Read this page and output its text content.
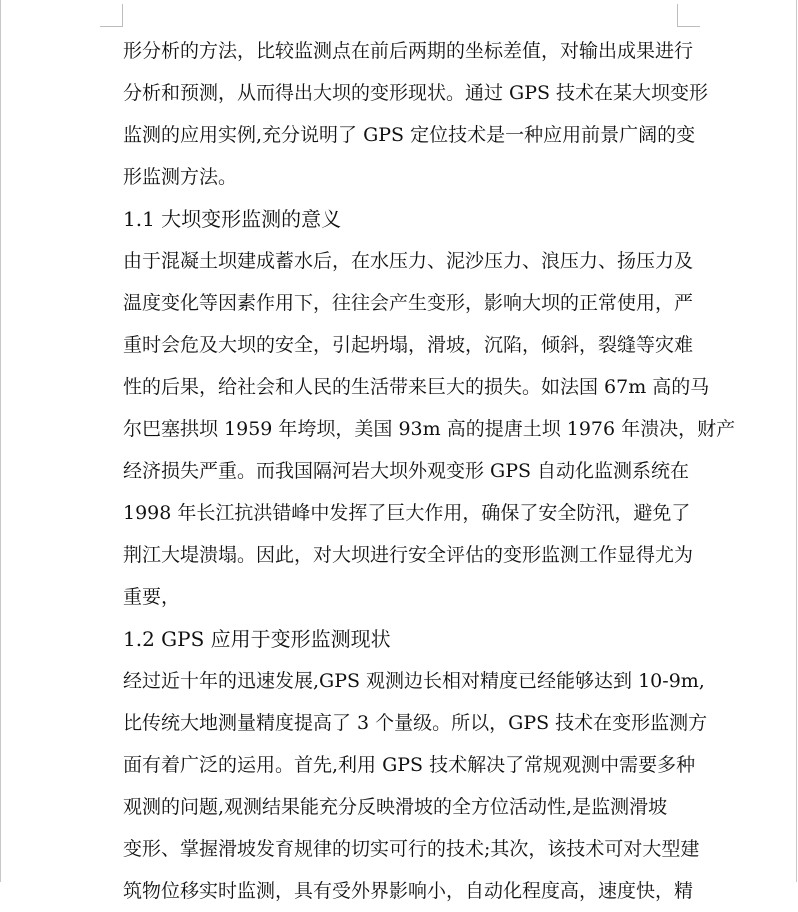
形分析的方法，比较监测点在前后两期的坐标差值，对输出成果进行
分析和预测，从而得出大坝的变形现状。通过 GPS 技术在某大坝变形
监测的应用实例,充分说明了 GPS 定位技术是一种应用前景广阔的变
形监测方法。
1.1 大坝变形监测的意义
由于混凝土坝建成蓄水后，在水压力、泥沙压力、浪压力、扬压力及
温度变化等因素作用下，往往会产生变形，影响大坝的正常使用，严
重时会危及大坝的安全，引起坍塌，滑坡，沉陷，倾斜，裂缝等灾难
性的后果，给社会和人民的生活带来巨大的损失。如法国 67m 高的马
尔巴塞拱坝 1959 年垮坝，美国 93m 高的提唐土坝 1976 年溃决，财产
经济损失严重。而我国隔河岩大坝外观变形 GPS 自动化监测系统在
1998 年长江抗洪错峰中发挥了巨大作用，确保了安全防汛，避免了
荆江大堤溃塌。因此，对大坝进行安全评估的变形监测工作显得尤为
重要，
1.2 GPS 应用于变形监测现状
经过近十年的迅速发展,GPS 观测边长相对精度已经能够达到 10-9m,
比传统大地测量精度提高了 3 个量级。所以，GPS 技术在变形监测方
面有着广泛的运用。首先,利用 GPS 技术解决了常规观测中需要多种
观测的问题,观测结果能充分反映滑坡的全方位活动性,是监测滑坡
变形、掌握滑坡发育规律的切实可行的技术;其次，该技术可对大型建
筑物位移实时监测，具有受外界影响小，自动化程度高，速度快，精
